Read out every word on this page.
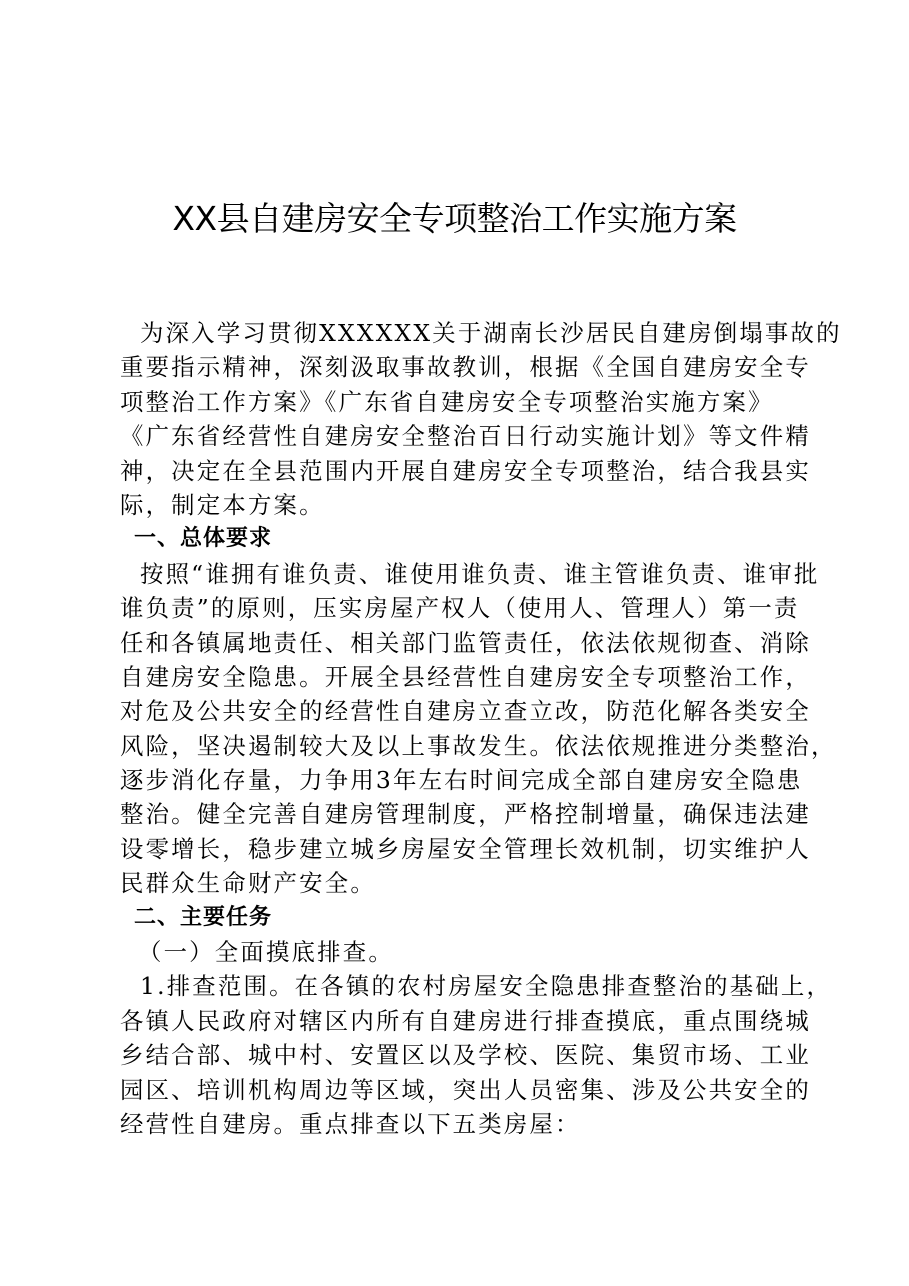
XX县自建房安全专项整治工作实施方案
为深入学习贯彻XXXXXX关于湖南长沙居民自建房倒塌事故的
重要指示精神，深刻汲取事故教训，根据《全国自建房安全专
项整治工作方案》《广东省自建房安全专项整治实施方案》
《广东省经营性自建房安全整治百日行动实施计划》等文件精
神，决定在全县范围内开展自建房安全专项整治，结合我县实
际，制定本方案。
一、总体要求
按照“谁拥有谁负责、谁使用谁负责、谁主管谁负责、谁审批
谁负责”的原则，压实房屋产权人（使用人、管理人）第一责
任和各镇属地责任、相关部门监管责任，依法依规彻查、消除
自建房安全隐患。开展全县经营性自建房安全专项整治工作，
对危及公共安全的经营性自建房立查立改，防范化解各类安全
风险，坚决遏制较大及以上事故发生。依法依规推进分类整治，
逐步消化存量，力争用3年左右时间完成全部自建房安全隐患
整治。健全完善自建房管理制度，严格控制增量，确保违法建
设零增长，稳步建立城乡房屋安全管理长效机制，切实维护人
民群众生命财产安全。
二、主要任务
（一）全面摸底排查。
1.排查范围。在各镇的农村房屋安全隐患排查整治的基础上，
各镇人民政府对辖区内所有自建房进行排查摸底，重点围绕城
乡结合部、城中村、安置区以及学校、医院、集贸市场、工业
园区、培训机构周边等区域，突出人员密集、涉及公共安全的
经营性自建房。重点排查以下五类房屋：
